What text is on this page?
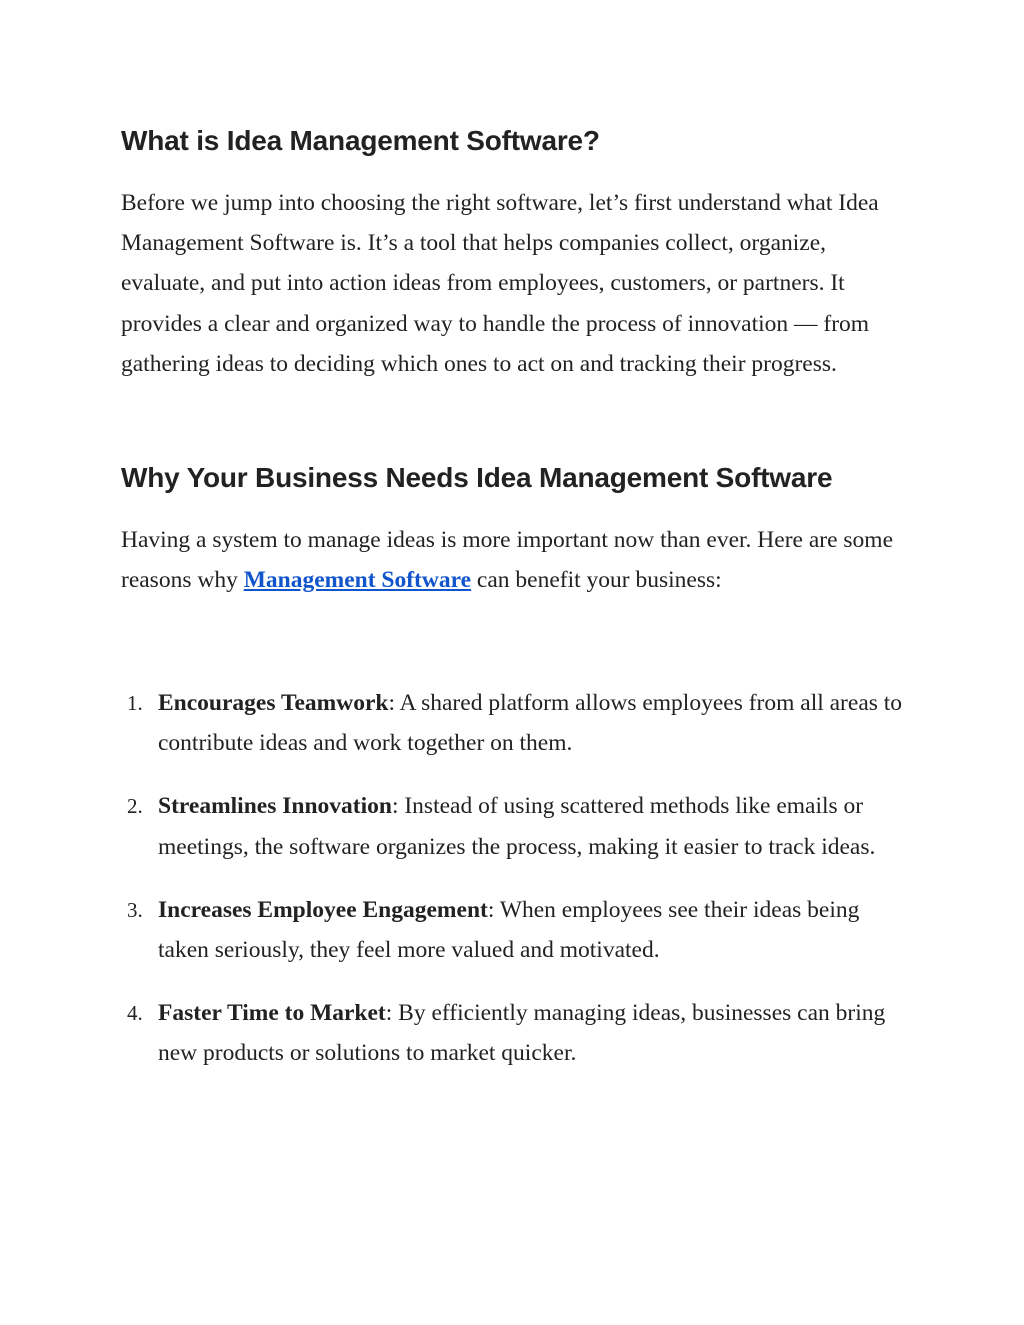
What is Idea Management Software?

Before we jump into choosing the right software, let’s first understand what Idea Management Software is. It’s a tool that helps companies collect, organize, evaluate, and put into action ideas from employees, customers, or partners. It provides a clear and organized way to handle the process of innovation — from gathering ideas to deciding which ones to act on and tracking their progress.

Why Your Business Needs Idea Management Software

Having a system to manage ideas is more important now than ever. Here are some reasons why Management Software can benefit your business:

1. Encourages Teamwork: A shared platform allows employees from all areas to contribute ideas and work together on them.
2. Streamlines Innovation: Instead of using scattered methods like emails or meetings, the software organizes the process, making it easier to track ideas.
3. Increases Employee Engagement: When employees see their ideas being taken seriously, they feel more valued and motivated.
4. Faster Time to Market: By efficiently managing ideas, businesses can bring new products or solutions to market quicker.
